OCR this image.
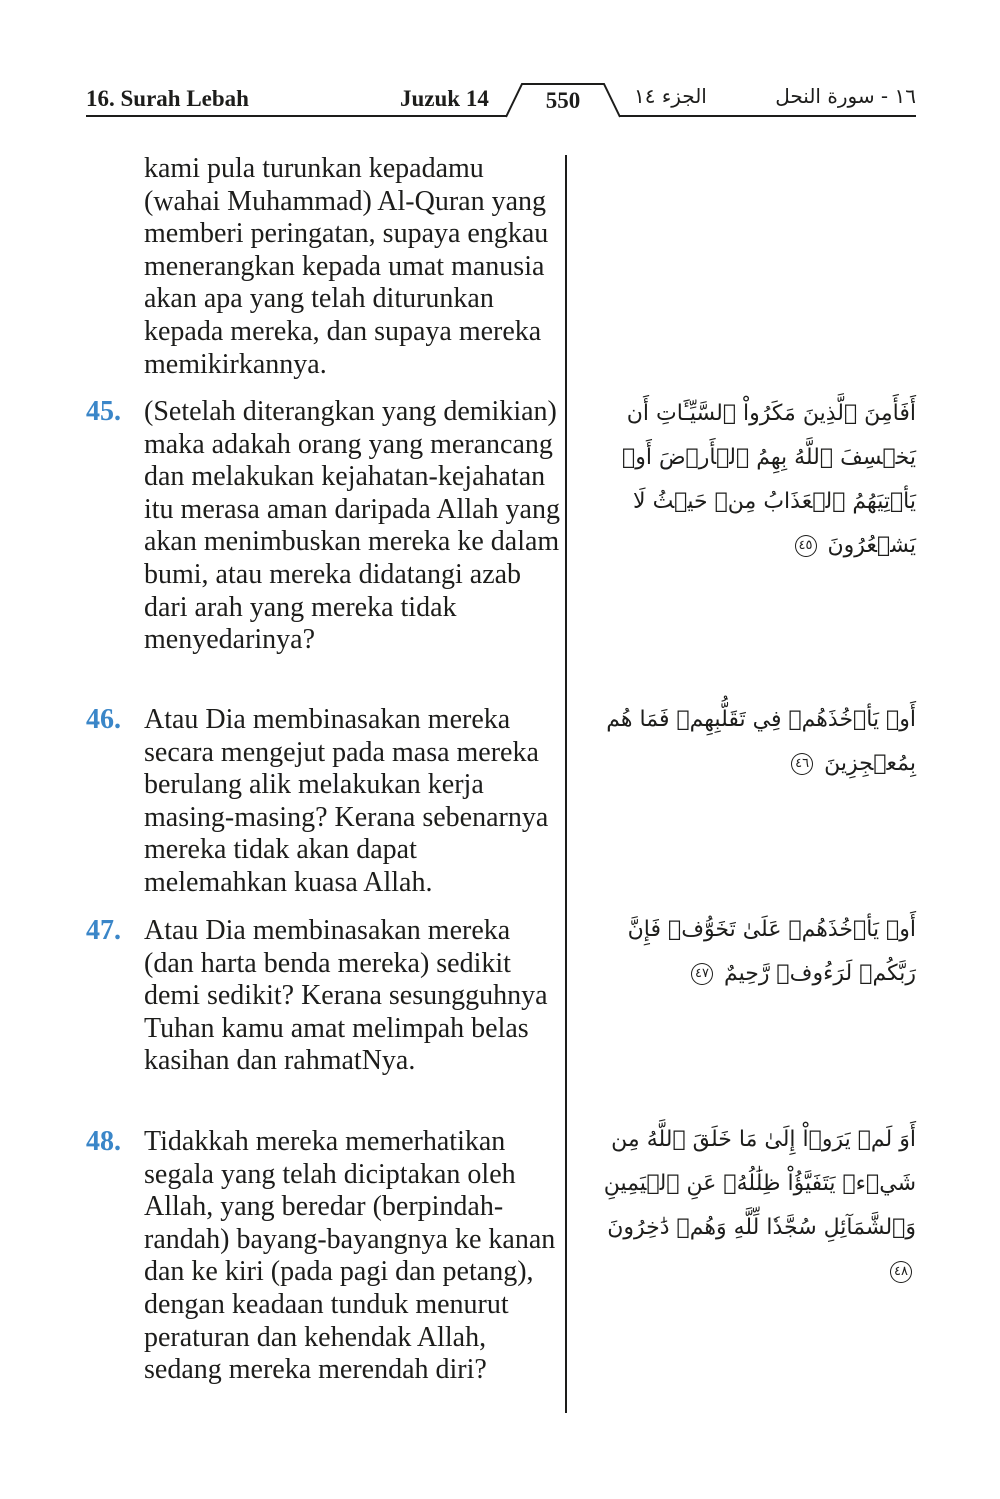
16. Surah Lebah	Juzuk 14	الجزء ١٤	١٦ - سورة النحل
550

kami pula turunkan kepadamu (wahai Muhammad) Al-Quran yang memberi peringatan, supaya engkau menerangkan kepada umat manusia akan apa yang telah diturunkan kepada mereka, dan supaya mereka memikirkannya.

45. (Setelah diterangkan yang demikian) maka adakah orang yang merancang dan melakukan kejahatan-kejahatan itu merasa aman daripada Allah yang akan menimbuskan mereka ke dalam bumi, atau mereka didatangi azab dari arah yang mereka tidak menyedarinya?

أَفَأَمِنَ ٱلَّذِينَ مَكَرُواْ ٱلسَّيِّـَٔاتِ أَن يَخۡسِفَ ٱللَّهُ بِهِمُ ٱلۡأَرۡضَ أَوۡ يَأۡتِيَهُمُ ٱلۡعَذَابُ مِنۡ حَيۡثُ لَا يَشۡعُرُونَ ٤٥
46. Atau Dia membinasakan mereka secara mengejut pada masa mereka berulang alik melakukan kerja masing-masing? Kerana sebenarnya mereka tidak akan dapat melemahkan kuasa Allah.

أَوۡ يَأۡخُذَهُمۡ فِي تَقَلُّبِهِمۡ فَمَا هُم بِمُعۡجِزِينَ ٤٦
47. Atau Dia membinasakan mereka (dan harta benda mereka) sedikit demi sedikit? Kerana sesungguhnya Tuhan kamu amat melimpah belas kasihan dan rahmatNya.

أَوۡ يَأۡخُذَهُمۡ عَلَىٰ تَخَوُّفٖ فَإِنَّ رَبَّكُمۡ لَرَءُوفٞ رَّحِيمٌ ٤٧
48. Tidakkah mereka memerhatikan segala yang telah diciptakan oleh Allah, yang beredar (berpindah-randah) bayang-bayangnya ke kanan dan ke kiri (pada pagi dan petang), dengan keadaan tunduk menurut peraturan dan kehendak Allah, sedang mereka merendah diri?

أَوَ لَمۡ يَرَوۡاْ إِلَىٰ مَا خَلَقَ ٱللَّهُ مِن شَيۡءٖ يَتَفَيَّؤُاْ ظِلَٰلُهُۥ عَنِ ٱلۡيَمِينِ وَٱلشَّمَآئِلِ سُجَّدٗا لِّلَّهِ وَهُمۡ دَٰخِرُونَ ٤٨
